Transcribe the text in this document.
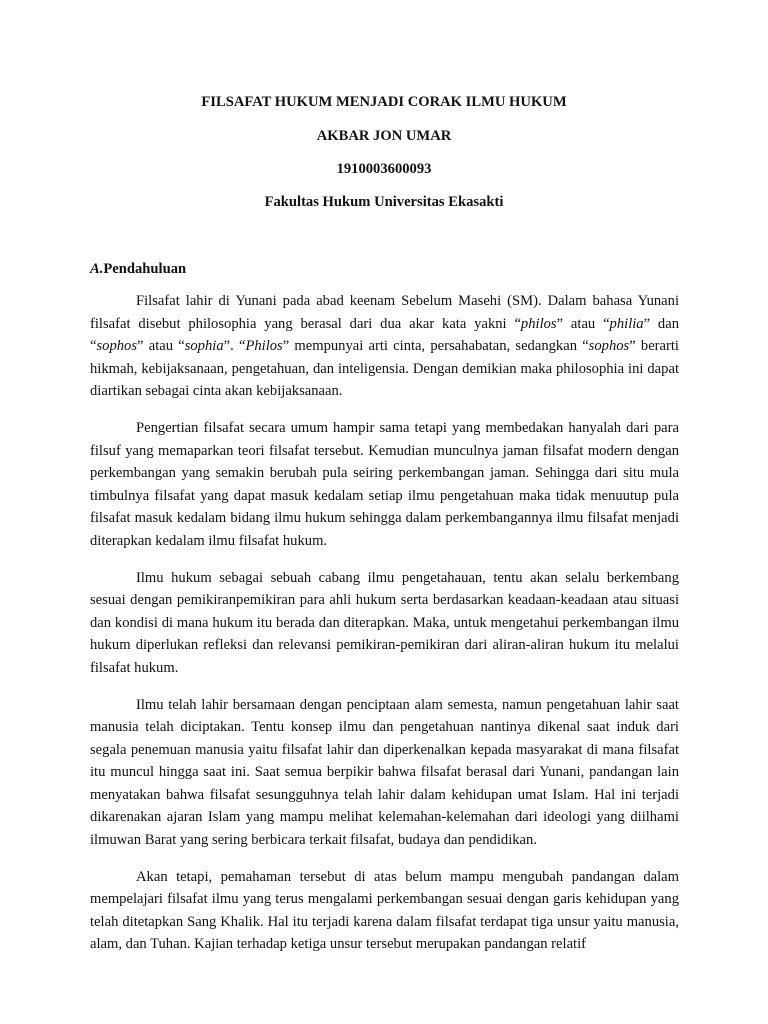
FILSAFAT HUKUM MENJADI CORAK ILMU HUKUM
AKBAR JON UMAR
1910003600093
Fakultas Hukum Universitas Ekasakti
A.Pendahuluan

Filsafat lahir di Yunani pada abad keenam Sebelum Masehi (SM). Dalam bahasa Yunani filsafat disebut philosophia yang berasal dari dua akar kata yakni “philos” atau “philia” dan “sophos” atau “sophia”. “Philos” mempunyai arti cinta, persahabatan, sedangkan “sophos” berarti hikmah, kebijaksanaan, pengetahuan, dan inteligensia. Dengan demikian maka philosophia ini dapat diartikan sebagai cinta akan kebijaksanaan.

Pengertian filsafat secara umum hampir sama tetapi yang membedakan hanyalah dari para filsuf yang memaparkan teori filsafat tersebut. Kemudian munculnya jaman filsafat modern dengan perkembangan yang semakin berubah pula seiring perkembangan jaman. Sehingga dari situ mula timbulnya filsafat yang dapat masuk kedalam setiap ilmu pengetahuan maka tidak menuutup pula filsafat masuk kedalam bidang ilmu hukum sehingga dalam perkembangannya ilmu filsafat menjadi diterapkan kedalam ilmu filsafat hukum.

Ilmu hukum sebagai sebuah cabang ilmu pengetahauan, tentu akan selalu berkembang sesuai dengan pemikiranpemikiran para ahli hukum serta berdasarkan keadaan-keadaan atau situasi dan kondisi di mana hukum itu berada dan diterapkan. Maka, untuk mengetahui perkembangan ilmu hukum diperlukan refleksi dan relevansi pemikiran-pemikiran dari aliran-aliran hukum itu melalui filsafat hukum.

Ilmu telah lahir bersamaan dengan penciptaan alam semesta, namun pengetahuan lahir saat manusia telah diciptakan. Tentu konsep ilmu dan pengetahuan nantinya dikenal saat induk dari segala penemuan manusia yaitu filsafat lahir dan diperkenalkan kepada masyarakat di mana filsafat itu muncul hingga saat ini. Saat semua berpikir bahwa filsafat berasal dari Yunani, pandangan lain menyatakan bahwa filsafat sesungguhnya telah lahir dalam kehidupan umat Islam. Hal ini terjadi dikarenakan ajaran Islam yang mampu melihat kelemahan-kelemahan dari ideologi yang diilhami ilmuwan Barat yang sering berbicara terkait filsafat, budaya dan pendidikan.

Akan tetapi, pemahaman tersebut di atas belum mampu mengubah pandangan dalam mempelajari filsafat ilmu yang terus mengalami perkembangan sesuai dengan garis kehidupan yang telah ditetapkan Sang Khalik. Hal itu terjadi karena dalam filsafat terdapat tiga unsur yaitu manusia, alam, dan Tuhan. Kajian terhadap ketiga unsur tersebut merupakan pandangan relatif
